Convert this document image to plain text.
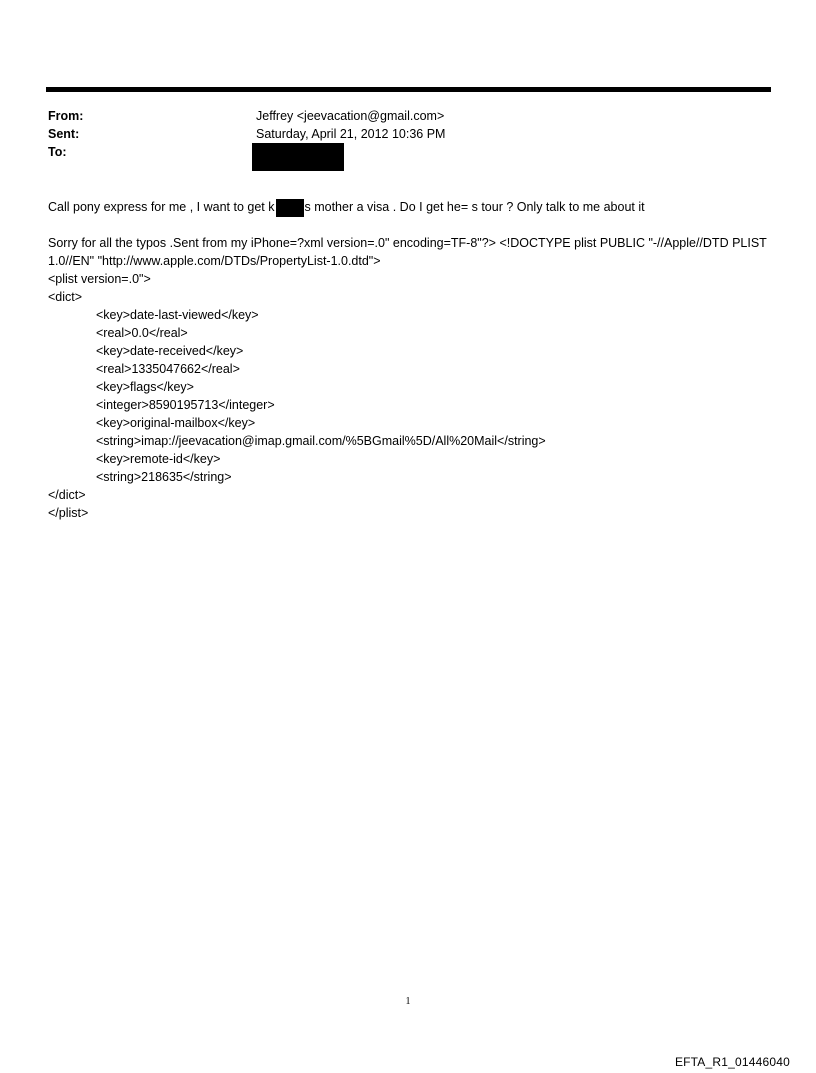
From:	Jeffrey <jeevacation@gmail.com>
Sent:	Saturday, April 21, 2012 10:36 PM
To:
Call pony express for me , I want to get k s mother a visa . Do I get he= s tour ? Only talk to me about it
Sorry for all the typos .Sent from my iPhone=?xml version=.0" encoding=TF-8"?> <!DOCTYPE plist PUBLIC "-//Apple//DTD PLIST 1.0//EN" "http://www.apple.com/DTDs/PropertyList-1.0.dtd">
<plist version=.0">
<dict>
<key>date-last-viewed</key>
<real>0.0</real>
<key>date-received</key>
<real>1335047662</real>
<key>flags</key>
<integer>8590195713</integer>
<key>original-mailbox</key>
<string>imap://jeevacation@imap.gmail.com/%5BGmail%5D/All%20Mail</string>
<key>remote-id</key>
<string>218635</string>
</dict>
</plist>
1
EFTA_R1_01446040
